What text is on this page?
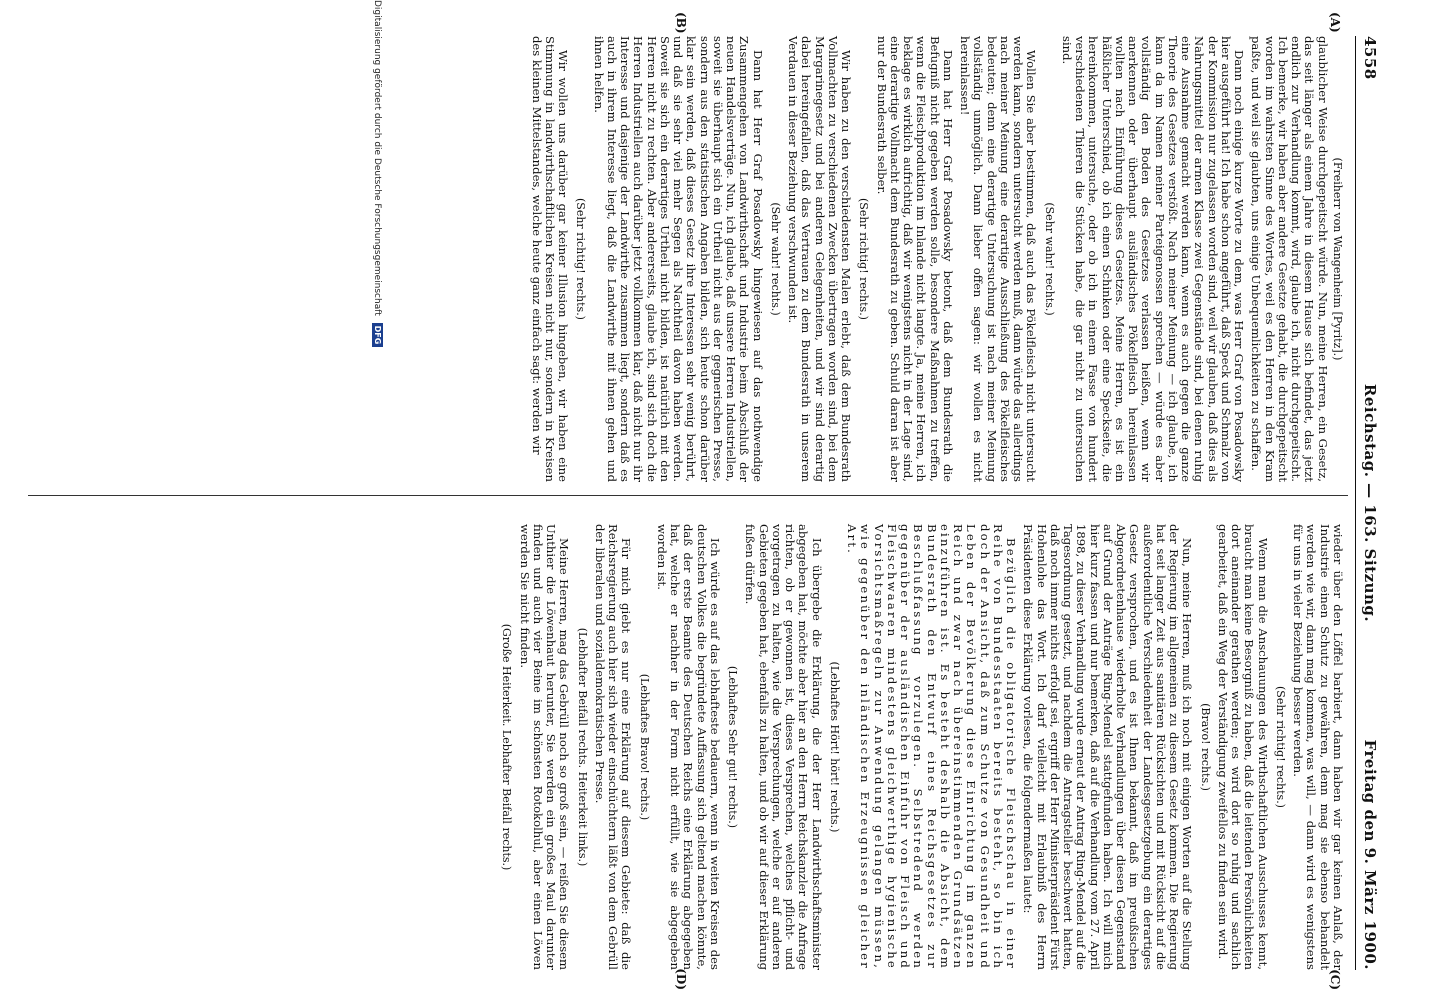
4558
Reichstag. — 163. Sitzung.
Freitag den 9. März 1900.
(A)
(B)
(C)
(D)
(Freiherr von Wangenheim [Pyritz].)

glaublicher Weise durchgepeitscht würde. Nun, meine Herren, ein Gesetz, das seit länger als einem Jahre in diesem Hause sich befindet, das jetzt endlich zur Verhandlung kommt, wird, glaube ich, nicht durchgepeitscht. Ich bemerke, wir haben aber andere Gesetze gehabt, die durchgepeitscht worden im wahrsten Sinne des Wortes, weil es den Herren in den Kram paßte, und weil sie glaubten, uns einige Unbequemlichkeiten zu schaffen.

Dann noch einige kurze Worte zu dem, was Herr Graf von Posadowsky hier ausgeführt hat! Ich habe schon angeführt, daß Speck und Schmalz von der Kommission nur zugelassen worden sind, weil wir glauben, daß dies als Nahrungsmittel der armen Klasse zwei Gegenstände sind, bei denen ruhig eine Ausnahme gemacht werden kann, wenn es auch gegen die ganze Theorie des Gesetzes verstößt. Nach meiner Meinung — ich glaube, ich kann da im Namen meiner Parteigenossen sprechen — würde es aber vollständig den Boden des Gesetzes verlassen heißen, wenn wir anerkennen oder überhaupt ausländisches Pökelfleisch hereinlassen wollten nach Einführung dieses Gesetzes. Meine Herren, es ist ein häßlicher Unterschied, ob ich einen Schinken oder eine Speckseite, die hereinkommen, untersuche, oder ob ich in einem Fasse von hundert verschiedenen Thieren die Stücken habe, die gar nicht zu untersuchen sind.

(Sehr wahr! rechts.)

Wollen Sie aber bestimmen, daß auch das Pökelfleisch nicht untersucht werden kann, sondern untersucht werden muß, dann würde das allerdings nach meiner Meinung eine derartige Ausschließung des Pökelfleisches bedeuten; denn eine derartige Untersuchung ist nach meiner Meinung vollständig unmöglich. Dann lieber offen sagen: wir wollen es nicht hereinlassen!

Dann hat Herr Graf Posadowsky betont, daß dem Bundesrath die Befugniß nicht gegeben werden solle, besondere Maßnahmen zu treffen, wenn die Fleischproduktion im Inlande nicht langte. Ja, meine Herren, ich beklage es wirklich aufrichtig, daß wir wenigstens nicht in der Lage sind, eine derartige Vollmacht dem Bundesrath zu geben. Schuld daran ist aber nur der Bundesrath selber.

(Sehr richtig! rechts.)

Wir haben zu den verschiedensten Malen erlebt, daß dem Bundesrath Vollmachten zu verschiedenen Zwecken übertragen worden sind, bei dem Margarinegesetz und bei anderen Gelegenheiten, und wir sind derartig dabei hereingefallen, daß das Vertrauen zu dem Bundesrath in unserem Verdauen in dieser Beziehung verschwunden ist.

(Sehr wahr! rechts.)

Dann hat Herr Graf Posadowsky hingewiesen auf das nothwendige Zusammengehen von Landwirthschaft und Industrie beim Abschluß der neuen Handelsverträge. Nun, ich glaube, daß unsere Herren Industriellen, soweit sie überhaupt sich ein Urtheil nicht aus der gegnerischen Presse, sondern aus den statistischen Angaben bilden, sich heute schon darüber klar sein werden, daß dieses Gesetz ihre Interessen sehr wenig berührt, und daß sie sehr viel mehr Segen als Nachtheil davon haben werden. Soweit sie sich ein derartiges Urtheil nicht bilden, ist natürlich mit den Herren nicht zu rechten. Aber andererseits, glaube ich, sind sich doch die Herren Industriellen auch darüber jetzt vollkommen klar, daß nicht nur ihr Interesse und dasjenige der Landwirthe zusammen liegt, sondern daß es auch in ihrem Interesse liegt, daß die Landwirthe mit ihnen gehen und ihnen helfen.

(Sehr richtig! rechts.)

Wir wollen uns darüber gar keiner Illusion hingeben, wir haben eine Stimmung in landwirthschaftlichen Kreisen nicht nur, sondern in Kreisen des kleinen Mittelstandes, welche heute ganz einfach sagt: werden wir

wieder über den Löffel barbiert, dann haben wir gar keinen Anlaß, der Industrie einen Schutz zu gewähren, denn mag sie ebenso behandelt werden wie wir, dann mag kommen, was will, — dann wird es wenigstens für uns in vieler Beziehung besser werden.

(Sehr richtig! rechts.)

Wenn man die Anschauungen des Wirthschaftlichen Ausschusses kennt, braucht man keine Besorgniß zu haben, daß die leitenden Persönlichkeiten dort aneinander gerathen werden; es wird dort so ruhig und sachlich gearbeitet, daß ein Weg der Verständigung zweifellos zu finden sein wird.

(Bravo! rechts.)

Nun, meine Herren, muß ich noch mit einigen Worten auf die Stellung der Regierung im allgemeinen zu diesem Gesetz kommen. Die Regierung hat seit langer Zeit aus sanitären Rücksichten und mit Rücksicht auf die außerordentliche Verschiedenheit der Landesgesetzgebung ein derartiges Gesetz versprochen, und es ist Ihnen bekannt, daß im preußischen Abgeordnetenhause wiederholte Verhandlungen über diesen Gegenstand auf Grund der Anträge Ring-Mendel stattgefunden haben. Ich will mich hier kurz fassen und nur bemerken, daß auf die Verhandlung vom 27. April 1898, zu dieser Verhandlung wurde erneut der Antrag Ring-Mendel auf die Tagesordnung gesetzt, und nachdem die Antragsteller beschwert hatten, daß noch immer nichts erfolgt sei, ergriff der Herr Ministerpräsident Fürst Hohenlohe das Wort. Ich darf vielleicht mit Erlaubniß des Herrn Präsidenten diese Erklärung vorlesen, die folgendermaßen lautet:

Bezüglich die obligatorische Fleischschau in einer Reihe von Bundesstaaten bereits besteht, so bin ich doch der Ansicht, daß zum Schutze von Gesundheit und Leben der Bevölkerung diese Einrichtung im ganzen Reich und zwar nach übereinstimmenden Grundsätzen einzuführen ist. Es besteht deshalb die Absicht, dem Bundesrath den Entwurf eines Reichsgesetzes zur Beschlußfassung vorzulegen. Selbstredend werden gegenüber der ausländischen Einfuhr von Fleisch und Fleischwaaren mindestens gleichwerthige hygienische Vorsichtsmaßregeln zur Anwendung gelangen müssen, wie gegenüber den inländischen Erzeugnissen gleicher Art.

(Lebhaftes Hört! hört! rechts.)

Ich übergebe die Erklärung, die der Herr Landwirthschaftsminister abgegeben hat, möchte aber hier an den Herrn Reichskanzler die Anfrage richten, ob er gewonnen ist, dieses Versprechen, welches pflicht- und vorgetragen zu halten, wie die Versprechungen, welche er auf anderen Gebieten gegeben hat, ebenfalls zu halten, und ob wir auf dieser Erklärung fußen dürfen.

(Lebhaftes Sehr gut! rechts.)

Ich würde es auf das lebhafteste bedauern, wenn in weiten Kreisen des deutschen Volkes die begründete Auffassung sich geltend machen könnte, daß der erste Beamte des Deutschen Reichs eine Erklärung abgegeben hat, welche er nachher in der Form nicht erfüllt, wie sie abgegeben worden ist.

(Lebhaftes Bravo! rechts.)

Für mich giebt es nur eine Erklärung auf diesem Gebiete: daß die Reichsregierung auch hier sich wieder einschüchtern läßt von dem Gebrüll der liberalen und sozialdemokratischen Presse.

(Lebhafter Beifall rechts. Heiterkeit links.)

Meine Herren, mag das Gebrüll noch so groß sein, — reißen Sie diesem Unthier die Löwenhaut herunter, Sie werden ein großes Maul darunter finden und auch vier Beine im schönsten Rotokolhul, aber einen Löwen werden Sie nicht finden.

(Große Heiterkeit. Lebhafter Beifall rechts.)
Digitalisierung gefördert durch die Deutsche Forschungsgemeinschaft DFG
